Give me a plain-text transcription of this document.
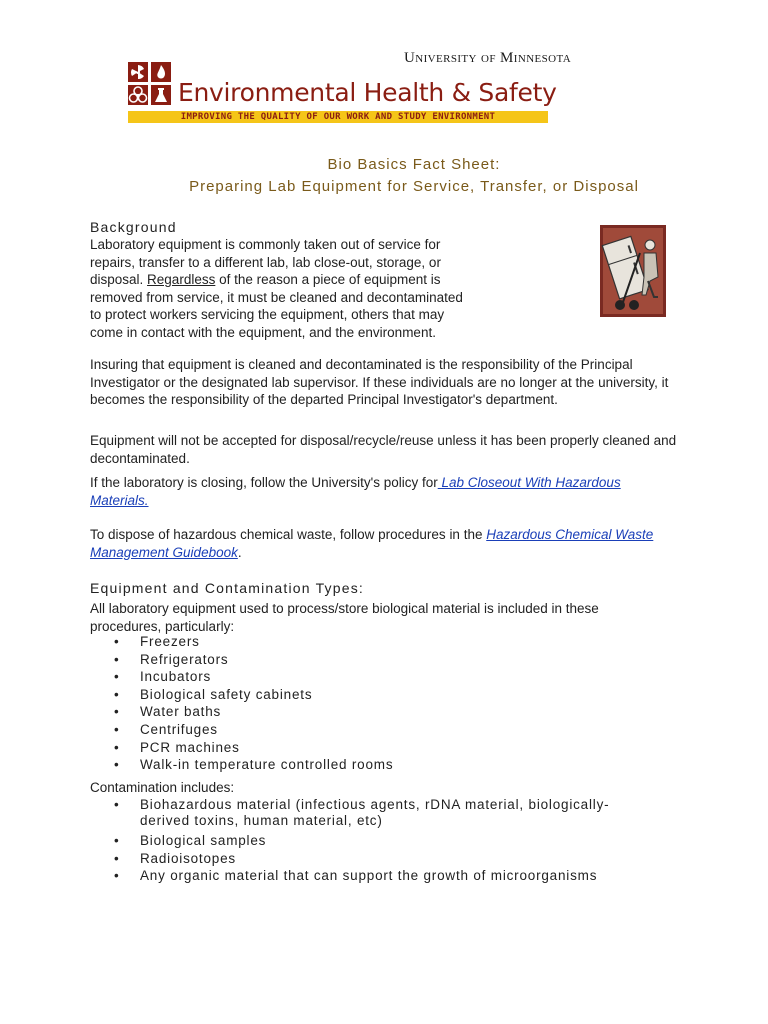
University of Minnesota
Environmental Health & Safety
IMPROVING THE QUALITY OF OUR WORK AND STUDY ENVIRONMENT
Bio Basics Fact Sheet:
Preparing Lab Equipment for Service, Transfer, or Disposal
Background
Laboratory equipment is commonly taken out of service for
repairs, transfer to a different lab, lab close-out, storage, or
disposal. Regardless of the reason a piece of equipment is
removed from service, it must be cleaned and decontaminated
to protect workers servicing the equipment, others that may
come in contact with the equipment, and the environment.
Insuring that equipment is cleaned and decontaminated is the responsibility of the Principal Investigator or the designated lab supervisor. If these individuals are no longer at the university, it becomes the responsibility of the departed Principal Investigator's department.
Equipment will not be accepted for disposal/recycle/reuse unless it has been properly cleaned and decontaminated.
If the laboratory is closing, follow the University's policy for Lab Closeout With Hazardous Materials.
To dispose of hazardous chemical waste, follow procedures in the Hazardous Chemical Waste Management Guidebook.
Equipment and Contamination Types:
All laboratory equipment used to process/store biological material is included in these procedures, particularly:
• Freezers
• Refrigerators
• Incubators
• Biological safety cabinets
• Water baths
• Centrifuges
• PCR machines
• Walk-in temperature controlled rooms
Contamination includes:
• Biohazardous material (infectious agents, rDNA material, biologically-derived toxins, human material, etc)
• Biological samples
• Radioisotopes
• Any organic material that can support the growth of microorganisms
